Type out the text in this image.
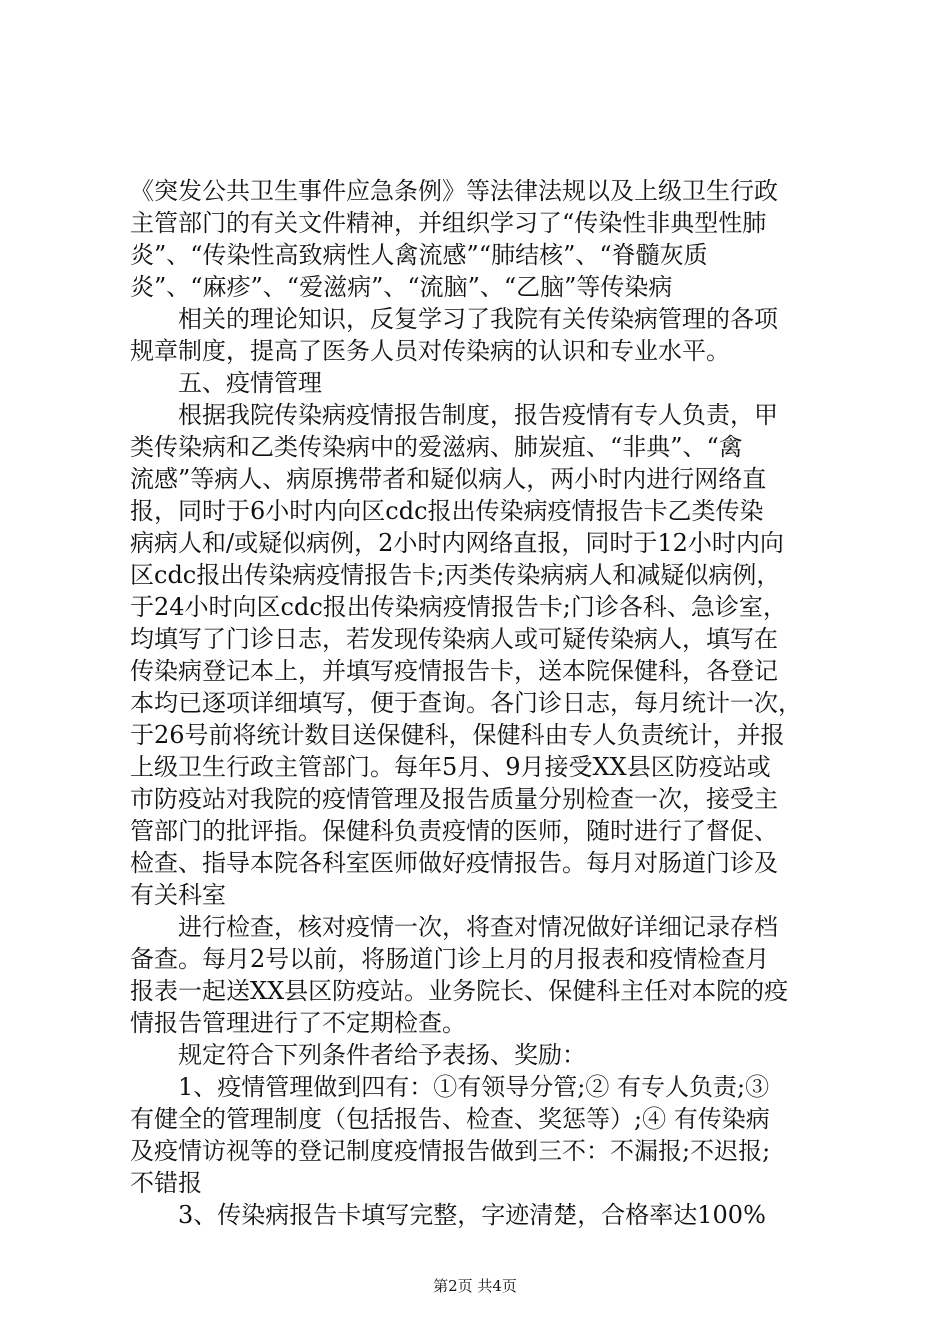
《突发公共卫生事件应急条例》等法律法规以及上级卫生行政
主管部门的有关文件精神，并组织学习了“传染性非典型性肺
炎”、“传染性高致病性人禽流感”“肺结核”、“脊髓灰质
炎”、“麻疹”、“爱滋病”、“流脑”、“乙脑”等传染病
相关的理论知识，反复学习了我院有关传染病管理的各项
规章制度，提高了医务人员对传染病的认识和专业水平。
五、疫情管理
根据我院传染病疫情报告制度，报告疫情有专人负责，甲
类传染病和乙类传染病中的爱滋病、肺炭疽、“非典”、“禽
流感”等病人、病原携带者和疑似病人，两小时内进行网络直
报，同时于6小时内向区cdc报出传染病疫情报告卡乙类传染
病病人和/或疑似病例，2小时内网络直报，同时于12小时内向
区cdc报出传染病疫情报告卡;丙类传染病病人和减疑似病例，
于24小时向区cdc报出传染病疫情报告卡;门诊各科、急诊室，
均填写了门诊日志，若发现传染病人或可疑传染病人，填写在
传染病登记本上，并填写疫情报告卡，送本院保健科，各登记
本均已逐项详细填写，便于查询。各门诊日志，每月统计一次，
于26号前将统计数目送保健科，保健科由专人负责统计，并报
上级卫生行政主管部门。每年5月、9月接受XX县区防疫站或
市防疫站对我院的疫情管理及报告质量分别检查一次，接受主
管部门的批评指。保健科负责疫情的医师，随时进行了督促、
检查、指导本院各科室医师做好疫情报告。每月对肠道门诊及
有关科室
进行检查，核对疫情一次，将查对情况做好详细记录存档
备查。每月2号以前，将肠道门诊上月的月报表和疫情检查月
报表一起送XX县区防疫站。业务院长、保健科主任对本院的疫
情报告管理进行了不定期检查。
规定符合下列条件者给予表扬、奖励：
1、疫情管理做到四有：①有领导分管;② 有专人负责;③
有健全的管理制度（包括报告、检查、奖惩等）;④ 有传染病
及疫情访视等的登记制度疫情报告做到三不：不漏报;不迟报;
不错报
3、传染病报告卡填写完整，字迹清楚，合格率达100%
第2页 共4页
